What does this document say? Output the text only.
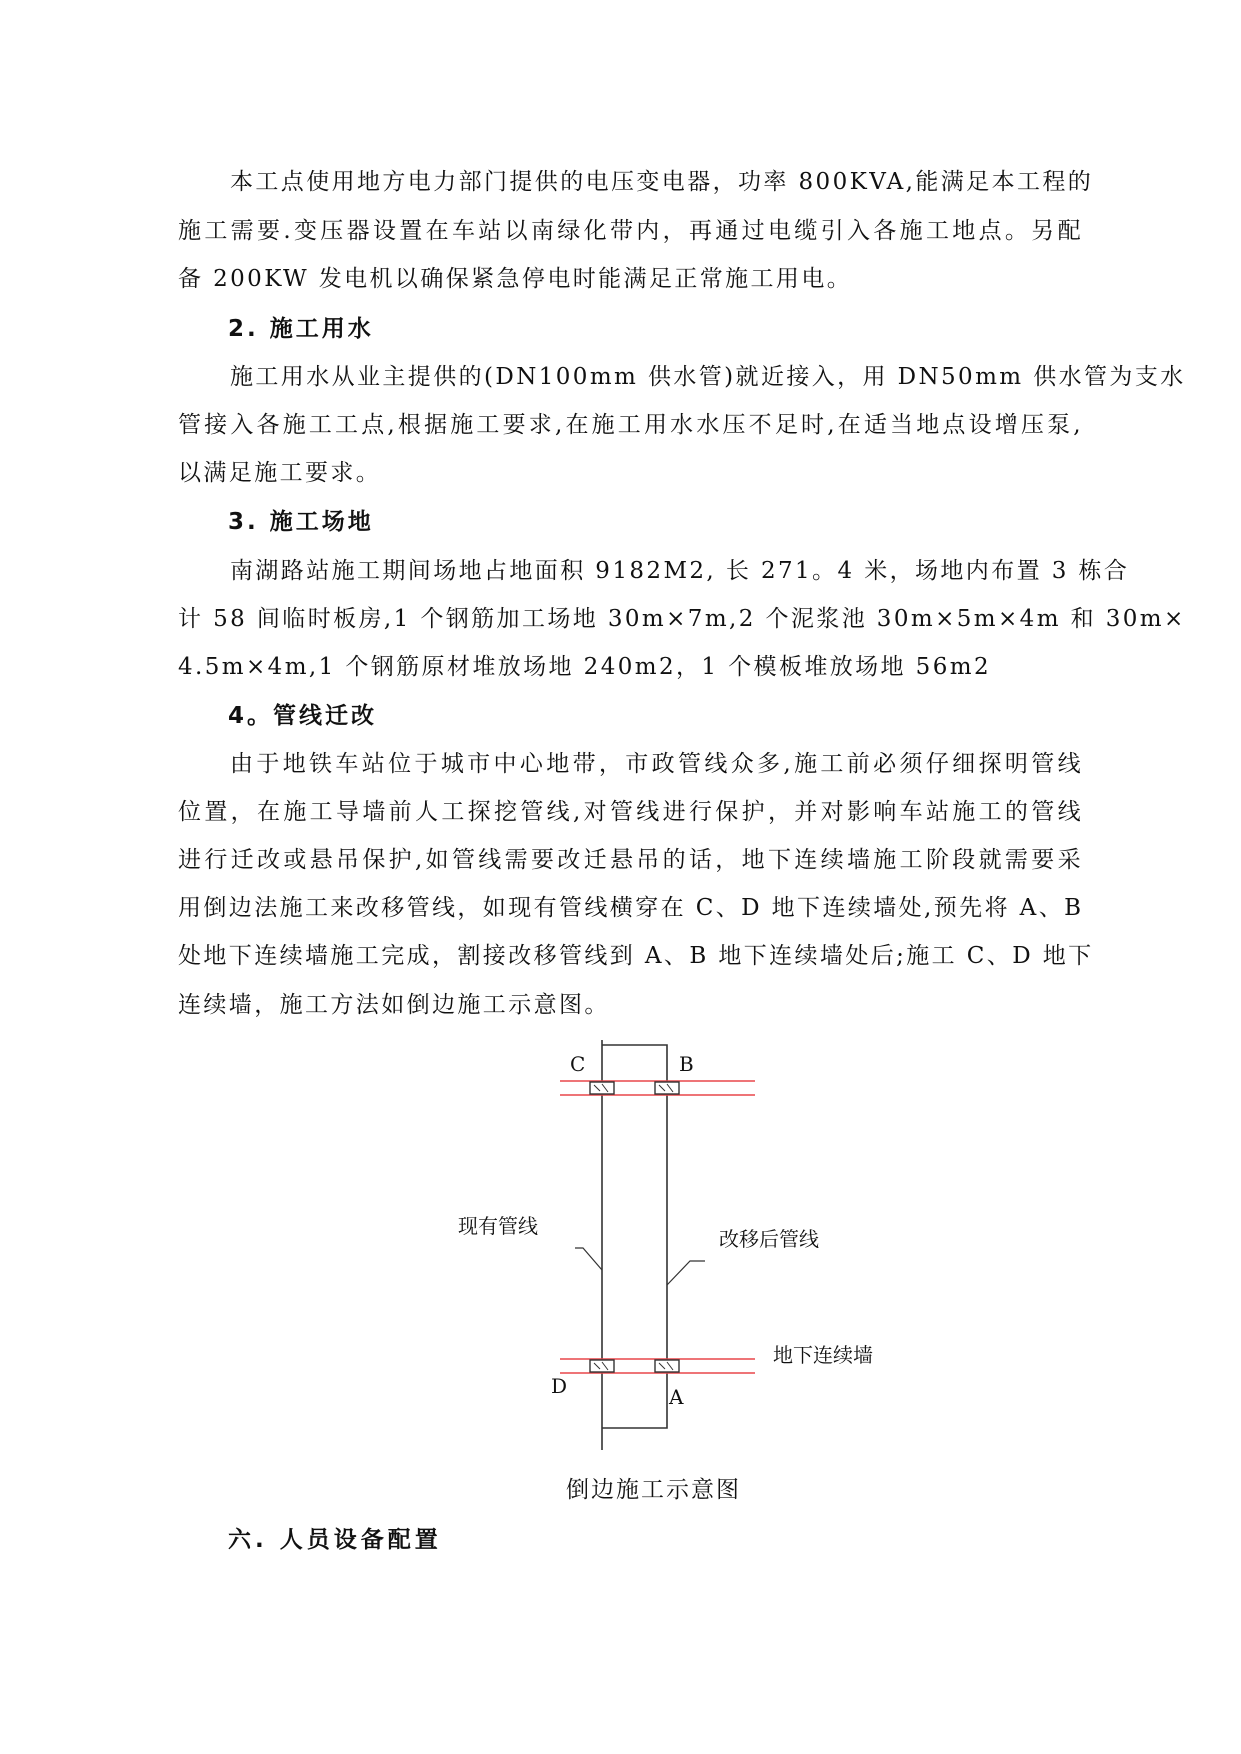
本工点使用地方电力部门提供的电压变电器，功率 800KVA,能满足本工程的
施工需要.变压器设置在车站以南绿化带内，再通过电缆引入各施工地点。另配
备 200KW 发电机以确保紧急停电时能满足正常施工用电。
2. 施工用水
施工用水从业主提供的(DN100mm 供水管)就近接入，用 DN50mm 供水管为支水
管接入各施工工点,根据施工要求,在施工用水水压不足时,在适当地点设增压泵,
以满足施工要求。
3. 施工场地
南湖路站施工期间场地占地面积 9182M2, 长 271。4 米，场地内布置 3 栋合
计 58 间临时板房,1 个钢筋加工场地 30m×7m,2 个泥浆池 30m×5m×4m 和 30m×
4.5m×4m,1 个钢筋原材堆放场地 240m2，1 个模板堆放场地 56m2
4。管线迁改
由于地铁车站位于城市中心地带，市政管线众多,施工前必须仔细探明管线
位置，在施工导墙前人工探挖管线,对管线进行保护，并对影响车站施工的管线
进行迁改或悬吊保护,如管线需要改迁悬吊的话，地下连续墙施工阶段就需要采
用倒边法施工来改移管线，如现有管线横穿在 C、D 地下连续墙处,预先将 A、B
处地下连续墙施工完成，割接改移管线到 A、B 地下连续墙处后;施工 C、D 地下
连续墙，施工方法如倒边施工示意图。
C	B
D	A
现有管线
改移后管线
地下连续墙
倒边施工示意图
六. 人员设备配置
